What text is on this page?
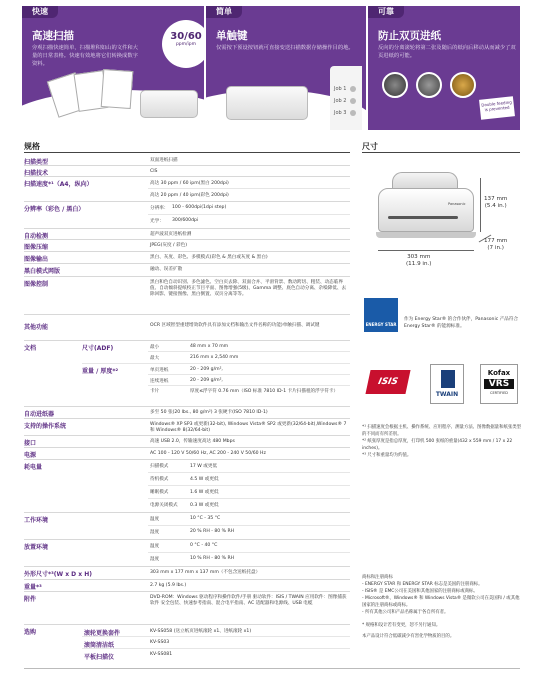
快速
高速扫描
旁观扫描快速简单，扫描堆积如山的文件和大量的日常表格。快速有效地将它们转换成数字资料。
30/60
ppm/ipm
简单
单触键
仅需按下预设按钮就可直接变送扫描数据存储操作目的地。
Job 1
Job 2
Job 3
可靠
防止双页进纸
反向的分离滚轮将第二张及随后的纸向后移动从而减少了双页进纸的可能。
Double feeding is prevented
规格	尺寸
扫描类型	双面进纸扫描
扫描技术	CIS
扫描速度*¹（A4，纵向）	高达 30 ppm / 60 ipm(黑白 200dpi)
高达 20 ppm / 40 ipm(彩色 200dpi)
分辨率（彩色 / 黑白）	分辨率： 100 - 600dpi(1dpi step)
光学：	300/600dpi
自动检测	超声波双页进纸检测
图像压缩	JPEG(灰度 / 彩色)
图像输出	黑白、灰度、彩色、多模模式(彩色 & 黑白或灰度 & 黑白)
黑白模式网版	融动、误差扩散
图像控制	黑白和色自动识别、多色滤色、空白页去除、双面合并、平滑背景、数动跨切、粗装、动态临界值、自动倾斜提纸校正节目平面、图像增强(5级)、Gamma 调整、底色自动分离、杂噪降低、去除回影、键接图像、黑白倒置、双页分离等等。
其他功能	OCR 区域智型重建增效软件具有添加文档和输出文件名称的功能)单触扫描、调试键
文档	尺寸(ADF)	最小	48 mm x 70 mm
最大	216 mm x 2,540 mm
重量 / 厚度*²	单页进纸	20 - 209 g/m²,
连续进纸	20 - 209 g/m²,
卡片	厚度≤浮字符 0.76 mm（ISO 标准 7810 ID-1 卡片扫描租的浮字符卡）
自动进纸器	多至 50 张(20 lbs., 80 g/m²) 3 张硬卡(ISO 7810 ID-1)
支持的操作系统	Windows® XP SP3 或更新(32-bit), Windows Vista® SP2 或更新(32/64-bit),Windows® 7 和 Windows® 8(32/64-bit)
接口	高速 USB 2.0，传输速度高达 480 Mbps
电源	AC 100 - 120 V 50/60 Hz, AC 200 - 240 V 50/60 Hz
耗电量	扫描模式	17 W 或更低
待机模式	4.5 W 或更低
睡眠模式	1.6 W 或更低
电源关闭模式	0.3 W 或更低
工作环境	温度	10 °C - 35 °C
湿度	20 % RH - 80 % RH
放置环境	温度	0 °C - 40 °C
湿度	10 % RH - 80 % RH
外形尺寸*³(W x D x H)	303 mm x 177 mm x 137 mm（不包含送纸托盘）
重量*³	2.7 kg (5.9 lbs.)
附件	DVD-ROM：Windows 驱动程序和操作软件/手册 驱动软件：ISIS / TWAIN 应用软件：图像捕获软件 安全包装、快速参考指南、混合电平指南、AC 适配器和电源线、USB 电缆
选购	滚轮更换套件	KV-SS058 (送立纸页进纸滚轮 x1、进纸滚轮 x1)
滚筒清洁纸	KV-SS03
平板扫描仪	KV-SS081
Panasonic
137 mm
(5.4 in.)
177 mm
(7 in.)
303 mm
(11.9 in.)
ENERGY STAR
作为 Energy Star® 的合作伙伴，Panasonic 产品符合Energy Star® 的能源标准。
ISIS
TWAIN
Kofax
VRS
CERTIFIED
*¹ 扫描速度会根据主机、操作系统、应用程序、测量方法、图像数据量和纸张类型的不同而有所差别。
*² 纸张厚度是指总厚度，打印机 500 张纸的重量(432 x 559 mm / 17 x 22 inches)。
*³ 尺寸和重量均为约值。
商标和注册商标
- ENERGY STAR 和 ENERGY STAR 标志是美国的注册商标。
- ISIS® 是 EMC公司在美国和其他国家的注册商标或商标。
- Microsoft®、Windows® 和 Windows Vista® 是微软公司在美国和 / 或其他国家的注册商标或商标。
- 所有其他公司和产品名称属于各自所有者。
* 规格和设计若有变更，恕不另行通知。
本产品设计符合低碳减少有害化学物质的目的。
